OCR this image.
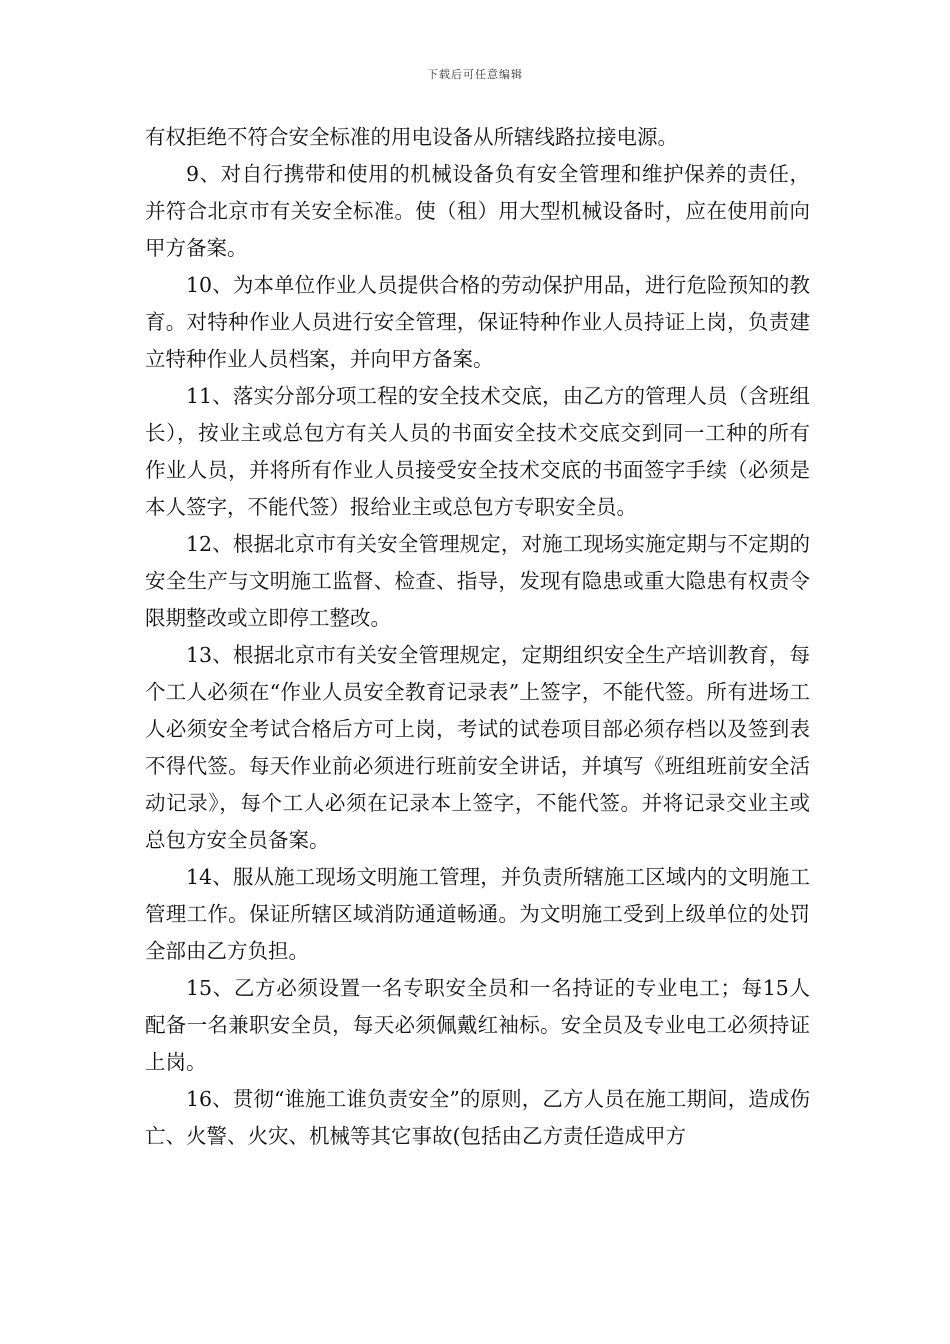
下载后可任意编辑

有权拒绝不符合安全标准的用电设备从所辖线路拉接电源。

9、对自行携带和使用的机械设备负有安全管理和维护保养的责任，并符合北京市有关安全标准。使（租）用大型机械设备时，应在使用前向甲方备案。

10、为本单位作业人员提供合格的劳动保护用品，进行危险预知的教育。对特种作业人员进行安全管理，保证特种作业人员持证上岗，负责建立特种作业人员档案，并向甲方备案。

11、落实分部分项工程的安全技术交底，由乙方的管理人员（含班组长），按业主或总包方有关人员的书面安全技术交底交到同一工种的所有作业人员，并将所有作业人员接受安全技术交底的书面签字手续（必须是本人签字，不能代签）报给业主或总包方专职安全员。

12、根据北京市有关安全管理规定，对施工现场实施定期与不定期的安全生产与文明施工监督、检查、指导，发现有隐患或重大隐患有权责令限期整改或立即停工整改。

13、根据北京市有关安全管理规定，定期组织安全生产培训教育，每个工人必须在“作业人员安全教育记录表”上签字，不能代签。所有进场工人必须安全考试合格后方可上岗，考试的试卷项目部必须存档以及签到表不得代签。每天作业前必须进行班前安全讲话，并填写《班组班前安全活动记录》，每个工人必须在记录本上签字，不能代签。并将记录交业主或总包方安全员备案。

14、服从施工现场文明施工管理，并负责所辖施工区域内的文明施工管理工作。保证所辖区域消防通道畅通。为文明施工受到上级单位的处罚全部由乙方负担。

15、乙方必须设置一名专职安全员和一名持证的专业电工；每15人配备一名兼职安全员，每天必须佩戴红袖标。安全员及专业电工必须持证上岗。

16、贯彻“谁施工谁负责安全”的原则，乙方人员在施工期间，造成伤亡、火警、火灾、机械等其它事故(包括由乙方责任造成甲方
